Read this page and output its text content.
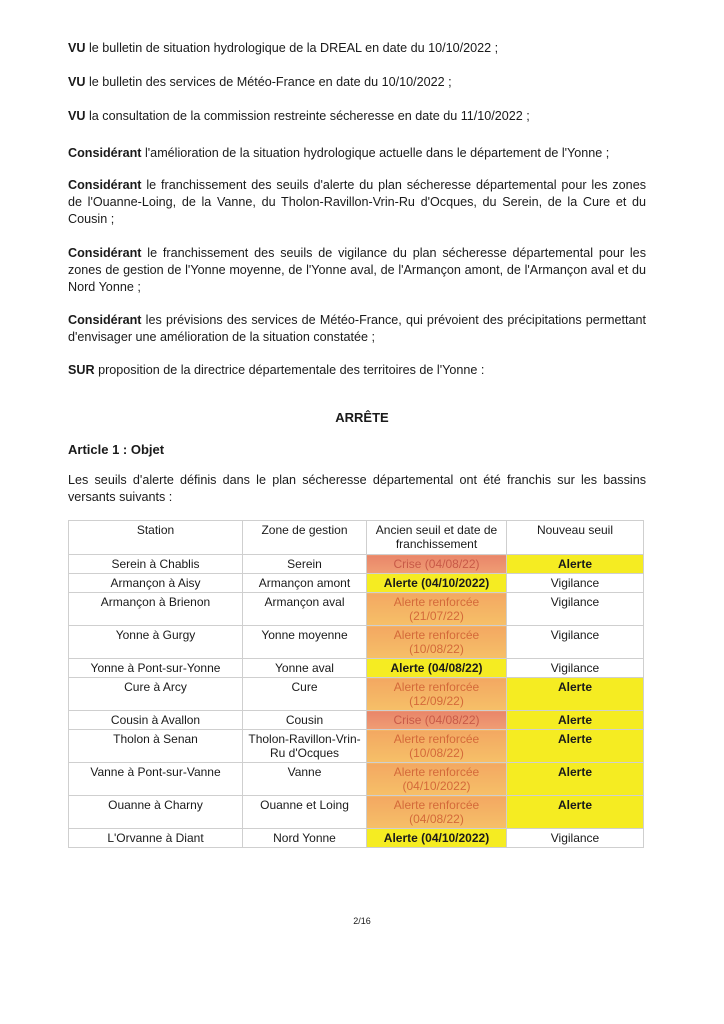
VU le bulletin de situation hydrologique de la DREAL en date du 10/10/2022 ;

VU le bulletin des services de Météo-France en date du 10/10/2022 ;

VU la consultation de la commission restreinte sécheresse en date du 11/10/2022 ;

Considérant l'amélioration de la situation hydrologique actuelle dans le département de l'Yonne ;

Considérant le franchissement des seuils d'alerte du plan sécheresse départemental pour les zones de l'Ouanne-Loing, de la Vanne, du Tholon-Ravillon-Vrin-Ru d'Ocques, du Serein, de la Cure et du Cousin ;

Considérant le franchissement des seuils de vigilance du plan sécheresse départemental pour les zones de gestion de l'Yonne moyenne, de l'Yonne aval, de l'Armançon amont, de l'Armançon aval et du Nord Yonne ;

Considérant les prévisions des services de Météo-France, qui prévoient des précipitations permettant d'envisager une amélioration de la situation constatée ;

SUR proposition de la directrice départementale des territoires de l'Yonne :

ARRÊTE
Article 1 : Objet

Les seuils d'alerte définis dans le plan sécheresse départemental ont été franchis sur les bassins versants suivants :

Station	Zone de gestion	Ancien seuil et date de franchissement	Nouveau seuil
Serein à Chablis	Serein	Crise (04/08/22)	Alerte
Armançon à Aisy	Armançon amont	Alerte (04/10/2022)	Vigilance
Armançon à Brienon	Armançon aval	Alerte renforcée (21/07/22)	Vigilance
Yonne à Gurgy	Yonne moyenne	Alerte renforcée (10/08/22)	Vigilance
Yonne à Pont-sur-Yonne	Yonne aval	Alerte (04/08/22)	Vigilance
Cure à Arcy	Cure	Alerte renforcée (12/09/22)	Alerte
Cousin à Avallon	Cousin	Crise (04/08/22)	Alerte
Tholon à Senan	Tholon-Ravillon-Vrin-Ru d'Ocques	Alerte renforcée (10/08/22)	Alerte
Vanne à Pont-sur-Vanne	Vanne	Alerte renforcée (04/10/2022)	Alerte
Ouanne à Charny	Ouanne et Loing	Alerte renforcée (04/08/22)	Alerte
L'Orvanne à Diant	Nord Yonne	Alerte (04/10/2022)	Vigilance
2/16
